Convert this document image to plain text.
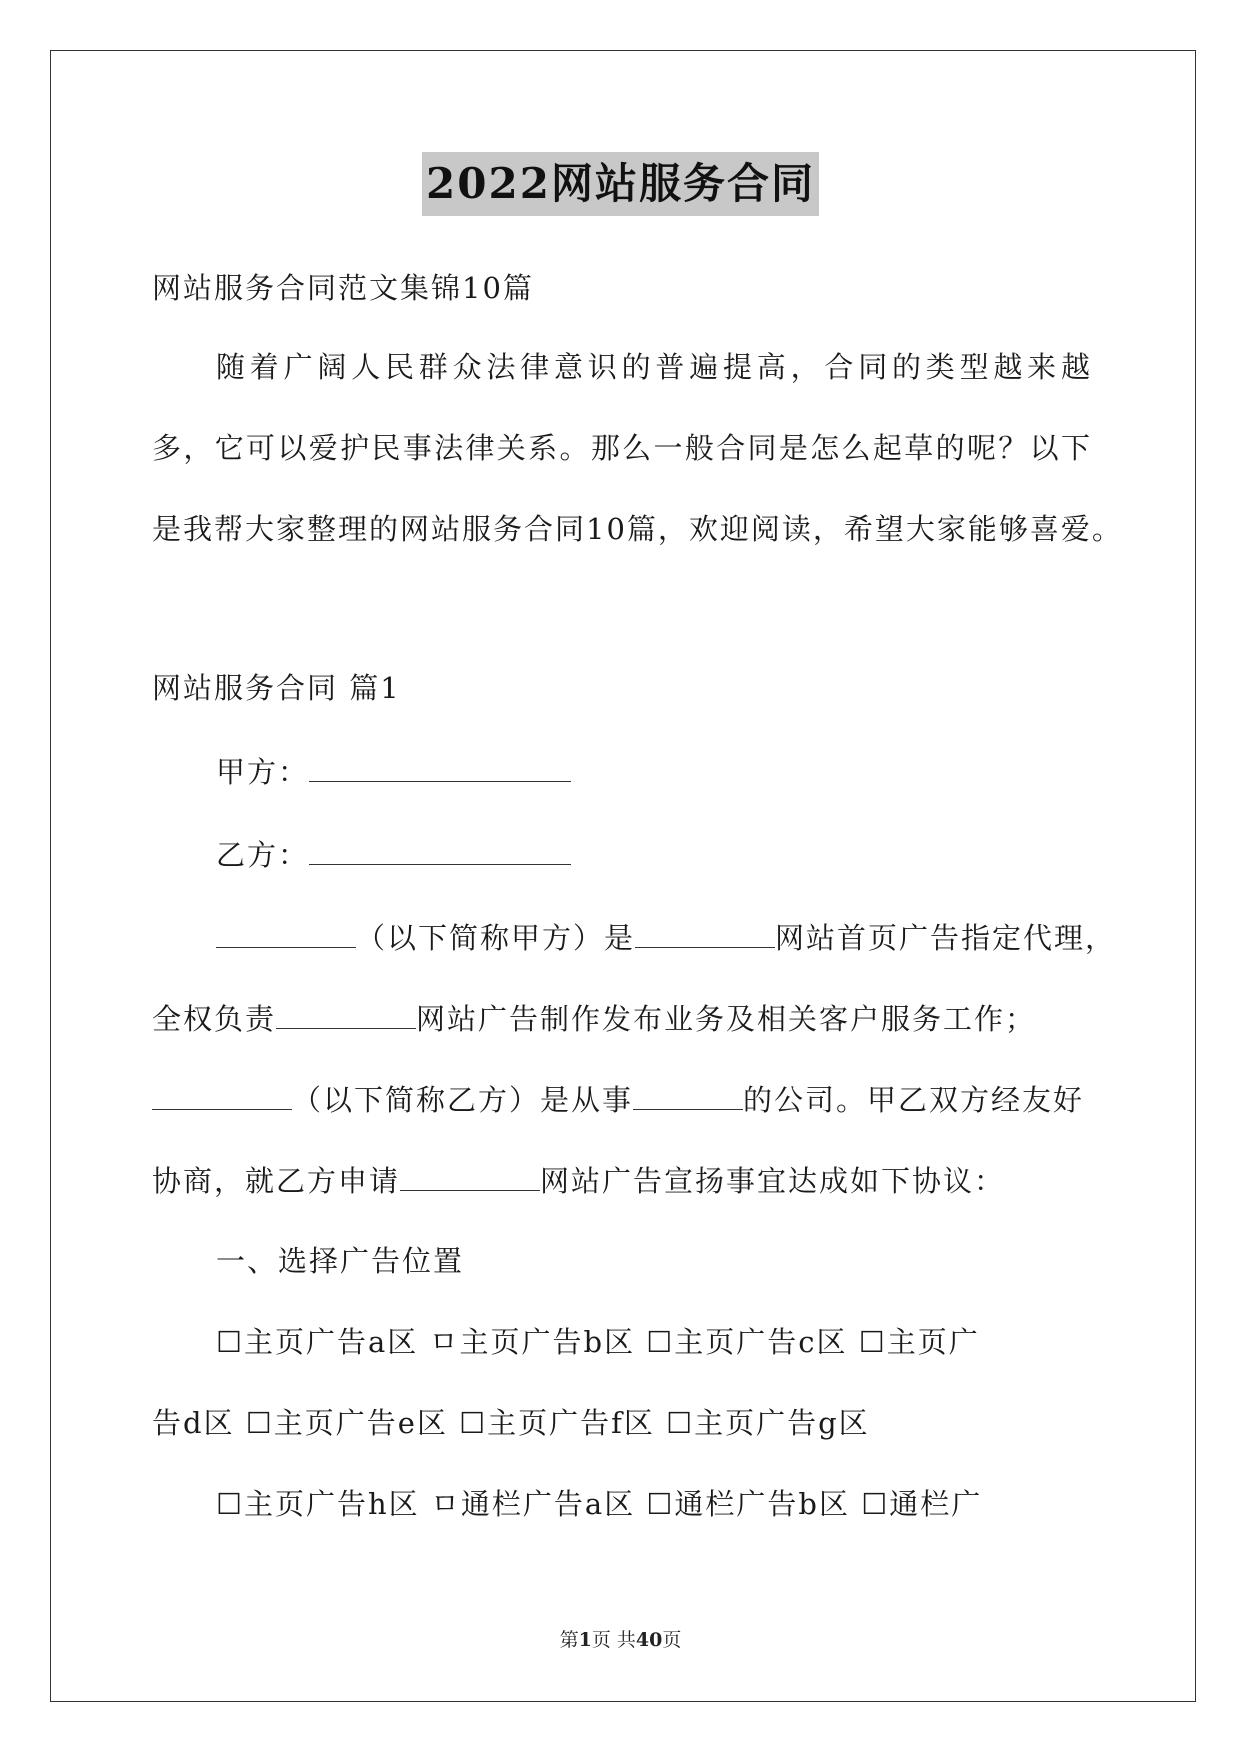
2022网站服务合同
网站服务合同范文集锦10篇
随着广阔人民群众法律意识的普遍提高，合同的类型越来越
多，它可以爱护民事法律关系。那么一般合同是怎么起草的呢？以下
是我帮大家整理的网站服务合同10篇，欢迎阅读，希望大家能够喜爱。
网站服务合同 篇1
甲方：
乙方：
（以下简称甲方）是	网站首页广告指定代理，
全权负责	网站广告制作发布业务及相关客户服务工作；
（以下简称乙方）是从事	的公司。甲乙双方经友好
协商，就乙方申请	网站广告宣扬事宜达成如下协议：
一、选择广告位置
☐主页广告a区 ㅁ主页广告b区 ☐主页广告c区 ☐主页广
告d区 ☐主页广告e区 ☐主页广告f区 ☐主页广告g区
☐主页广告h区 ㅁ通栏广告a区 ☐通栏广告b区 ☐通栏广
第1页 共40页
